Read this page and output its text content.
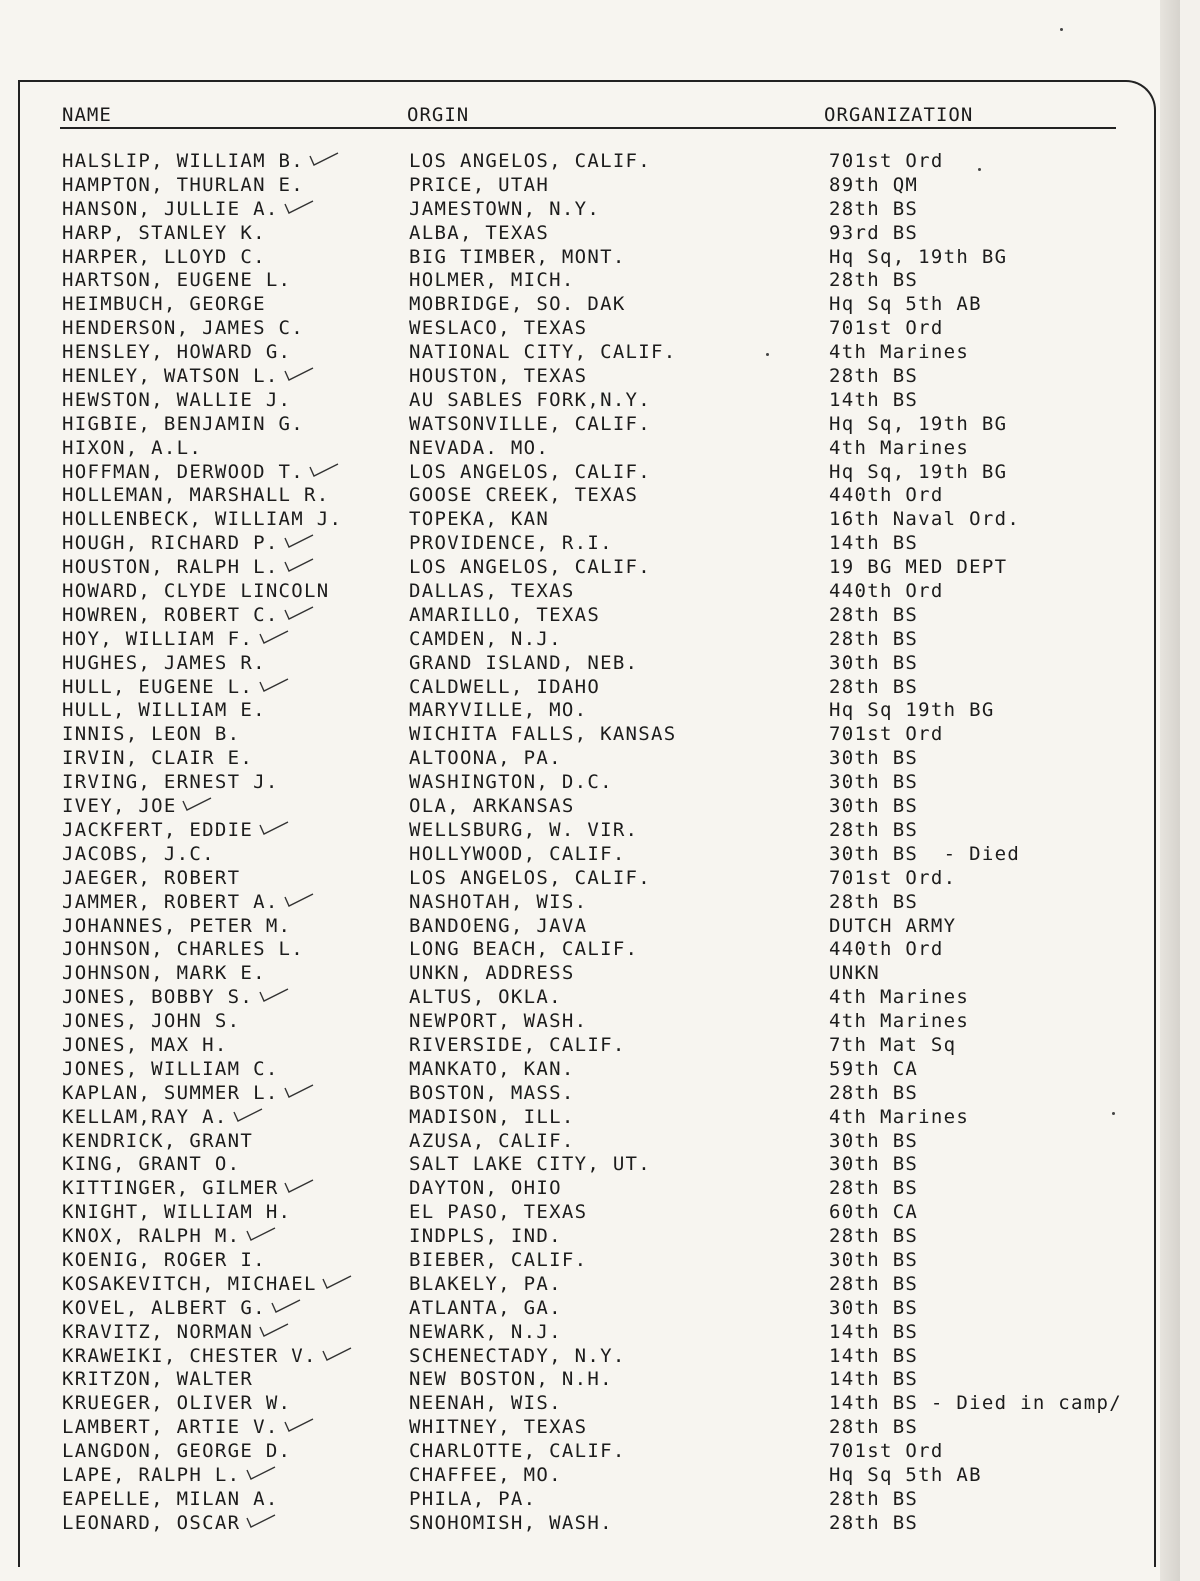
NAME	ORGIN	ORGANIZATION
HALSLIP, WILLIAM B.	LOS ANGELOS, CALIF.	701st Ord
HAMPTON, THURLAN E.	PRICE, UTAH	89th QM
HANSON, JULLIE A.	JAMESTOWN, N.Y.	28th BS
HARP, STANLEY K.	ALBA, TEXAS	93rd BS
HARPER, LLOYD C.	BIG TIMBER, MONT.	Hq Sq, 19th BG
HARTSON, EUGENE L.	HOLMER, MICH.	28th BS
HEIMBUCH, GEORGE	MOBRIDGE, SO. DAK	Hq Sq 5th AB
HENDERSON, JAMES C.	WESLACO, TEXAS	701st Ord
HENSLEY, HOWARD G.	NATIONAL CITY, CALIF.	4th Marines
HENLEY, WATSON L.	HOUSTON, TEXAS	28th BS
HEWSTON, WALLIE J.	AU SABLES FORK,N.Y.	14th BS
HIGBIE, BENJAMIN G.	WATSONVILLE, CALIF.	Hq Sq, 19th BG
HIXON, A.L.	NEVADA. MO.	4th Marines
HOFFMAN, DERWOOD T.	LOS ANGELOS, CALIF.	Hq Sq, 19th BG
HOLLEMAN, MARSHALL R.	GOOSE CREEK, TEXAS	440th Ord
HOLLENBECK, WILLIAM J.	TOPEKA, KAN	16th Naval Ord.
HOUGH, RICHARD P.	PROVIDENCE, R.I.	14th BS
HOUSTON, RALPH L.	LOS ANGELOS, CALIF.	19 BG MED DEPT
HOWARD, CLYDE LINCOLN	DALLAS, TEXAS	440th Ord
HOWREN, ROBERT C.	AMARILLO, TEXAS	28th BS
HOY, WILLIAM F.	CAMDEN, N.J.	28th BS
HUGHES, JAMES R.	GRAND ISLAND, NEB.	30th BS
HULL, EUGENE L.	CALDWELL, IDAHO	28th BS
HULL, WILLIAM E.	MARYVILLE, MO.	Hq Sq 19th BG
INNIS, LEON B.	WICHITA FALLS, KANSAS	701st Ord
IRVIN, CLAIR E.	ALTOONA, PA.	30th BS
IRVING, ERNEST J.	WASHINGTON, D.C.	30th BS
IVEY, JOE	OLA, ARKANSAS	30th BS
JACKFERT, EDDIE	WELLSBURG, W. VIR.	28th BS
JACOBS, J.C.	HOLLYWOOD, CALIF.	30th BS  - Died
JAEGER, ROBERT	LOS ANGELOS, CALIF.	701st Ord.
JAMMER, ROBERT A.	NASHOTAH, WIS.	28th BS
JOHANNES, PETER M.	BANDOENG, JAVA	DUTCH ARMY
JOHNSON, CHARLES L.	LONG BEACH, CALIF.	440th Ord
JOHNSON, MARK E.	UNKN, ADDRESS	UNKN
JONES, BOBBY S.	ALTUS, OKLA.	4th Marines
JONES, JOHN S.	NEWPORT, WASH.	4th Marines
JONES, MAX H.	RIVERSIDE, CALIF.	7th Mat Sq
JONES, WILLIAM C.	MANKATO, KAN.	59th CA
KAPLAN, SUMMER L.	BOSTON, MASS.	28th BS
KELLAM,RAY A.	MADISON, ILL.	4th Marines
KENDRICK, GRANT	AZUSA, CALIF.	30th BS
KING, GRANT O.	SALT LAKE CITY, UT.	30th BS
KITTINGER, GILMER	DAYTON, OHIO	28th BS
KNIGHT, WILLIAM H.	EL PASO, TEXAS	60th CA
KNOX, RALPH M.	INDPLS, IND.	28th BS
KOENIG, ROGER I.	BIEBER, CALIF.	30th BS
KOSAKEVITCH, MICHAEL	BLAKELY, PA.	28th BS
KOVEL, ALBERT G.	ATLANTA, GA.	30th BS
KRAVITZ, NORMAN	NEWARK, N.J.	14th BS
KRAWEIKI, CHESTER V.	SCHENECTADY, N.Y.	14th BS
KRITZON, WALTER	NEW BOSTON, N.H.	14th BS
KRUEGER, OLIVER W.	NEENAH, WIS.	14th BS - Died in camp/
LAMBERT, ARTIE V.	WHITNEY, TEXAS	28th BS
LANGDON, GEORGE D.	CHARLOTTE, CALIF.	701st Ord
LAPE, RALPH L.	CHAFFEE, MO.	Hq Sq 5th AB
EAPELLE, MILAN A.	PHILA, PA.	28th BS
LEONARD, OSCAR	SNOHOMISH, WASH.	28th BS
